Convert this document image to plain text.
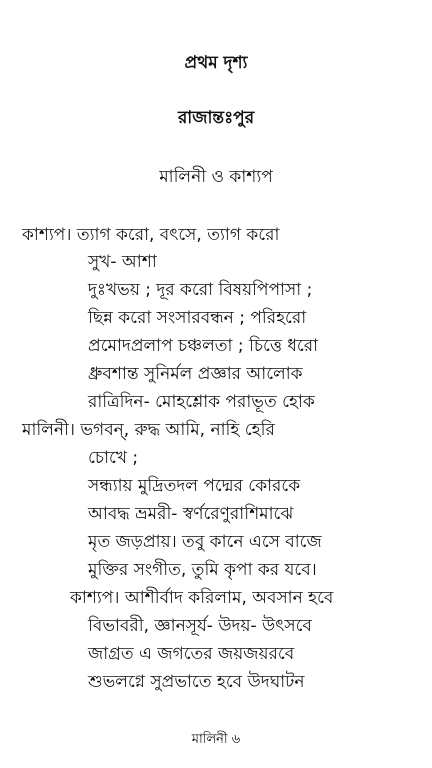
প্রথম দৃশ্য
রাজান্তঃপুর
মালিনী ও কাশ্যপ
কাশ্যপ। ত্যাগ করো, বৎসে, ত্যাগ করো
সুখ- আশা
দুঃখভয় ; দূর করো বিষয়পিপাসা ;
ছিন্ন করো সংসারবন্ধন ; পরিহরো
প্রমোদপ্রলাপ চঞ্চলতা ; চিত্তে ধরো
ধ্রুবশান্ত সুনির্মল প্রজ্ঞার আলোক
রাত্রিদিন- মোহশ্লোক পরাভূত হোক
মালিনী। ভগবন্, রুদ্ধ আমি, নাহি হেরি
চোখে ;
সন্ধ্যায় মুদ্রিতদল পদ্মের কোরকে
আবদ্ধ ভ্রমরী- স্বর্ণরেণুরাশিমাঝে
মৃত জড়প্রায়। তবু কানে এসে বাজে
মুক্তির সংগীত, তুমি কৃপা কর যবে।
কাশ্যপ। আশীর্বাদ করিলাম, অবসান হবে
বিভাবরী, জ্ঞানসূর্য- উদয়- উৎসবে
জাগ্রত এ জগতের জয়জয়রবে
শুভলগ্নে সুপ্রভাতে হবে উদঘাটন
মালিনী ৬
